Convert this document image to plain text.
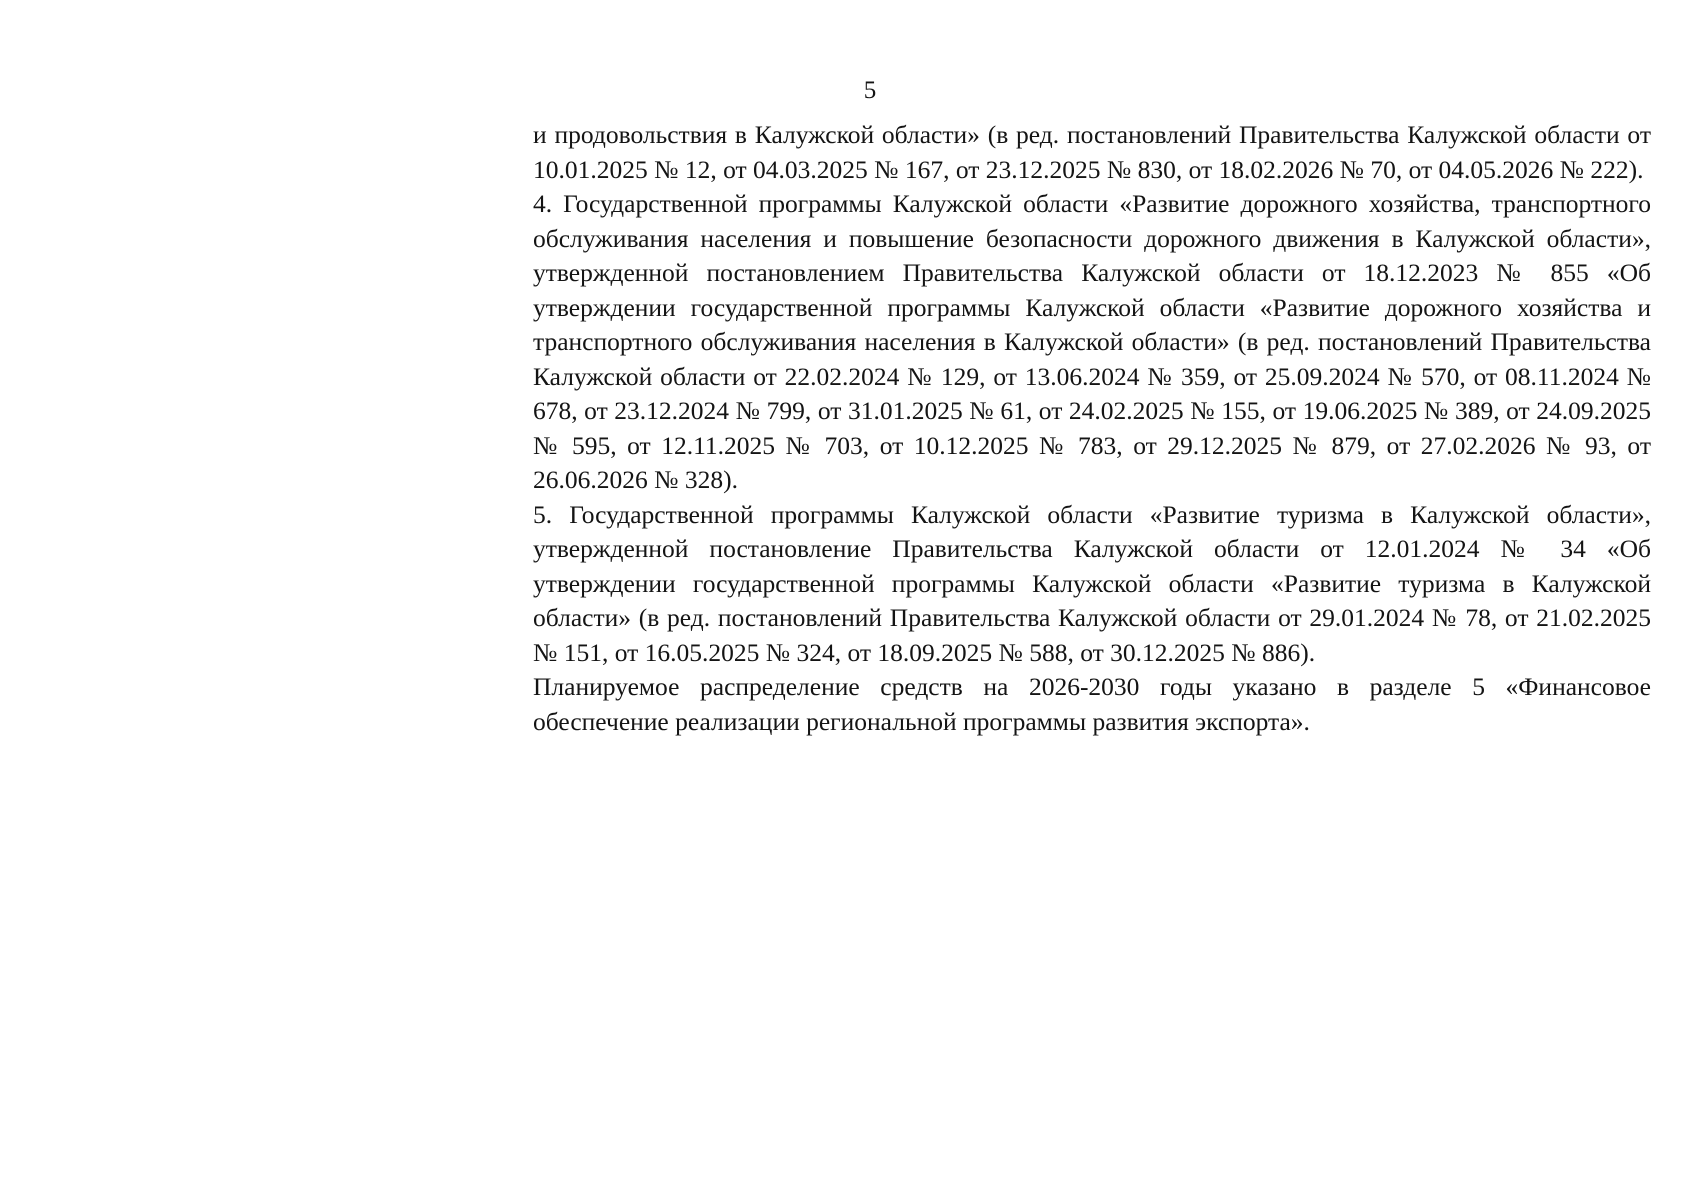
5

и продовольствия в Калужской области» (в ред. постановлений Правительства Калужской области от 10.01.2025 № 12, от 04.03.2025 № 167, от 23.12.2025 № 830, от 18.02.2026 № 70, от 04.05.2026 № 222).

4. Государственной программы Калужской области «Развитие дорожного хозяйства, транспортного обслуживания населения и повышение безопасности дорожного движения в Калужской области», утвержденной постановлением Правительства Калужской области от 18.12.2023 № 855 «Об утверждении государственной программы Калужской области «Развитие дорожного хозяйства и транспортного обслуживания населения в Калужской области» (в ред. постановлений Правительства Калужской области от 22.02.2024 № 129, от 13.06.2024 № 359, от 25.09.2024 № 570, от 08.11.2024 № 678, от 23.12.2024 № 799, от 31.01.2025 № 61, от 24.02.2025 № 155, от 19.06.2025 № 389, от 24.09.2025 № 595, от 12.11.2025 № 703, от 10.12.2025 № 783, от 29.12.2025 № 879, от 27.02.2026 № 93, от 26.06.2026 № 328).

5. Государственной программы Калужской области «Развитие туризма в Калужской области», утвержденной постановление Правительства Калужской области от 12.01.2024 № 34 «Об утверждении государственной программы Калужской области «Развитие туризма в Калужской области» (в ред. постановлений Правительства Калужской области от 29.01.2024 № 78, от 21.02.2025 № 151, от 16.05.2025 № 324, от 18.09.2025 № 588, от 30.12.2025 № 886).

Планируемое распределение средств на 2026-2030 годы указано в разделе 5 «Финансовое обеспечение реализации региональной программы развития экспорта».
